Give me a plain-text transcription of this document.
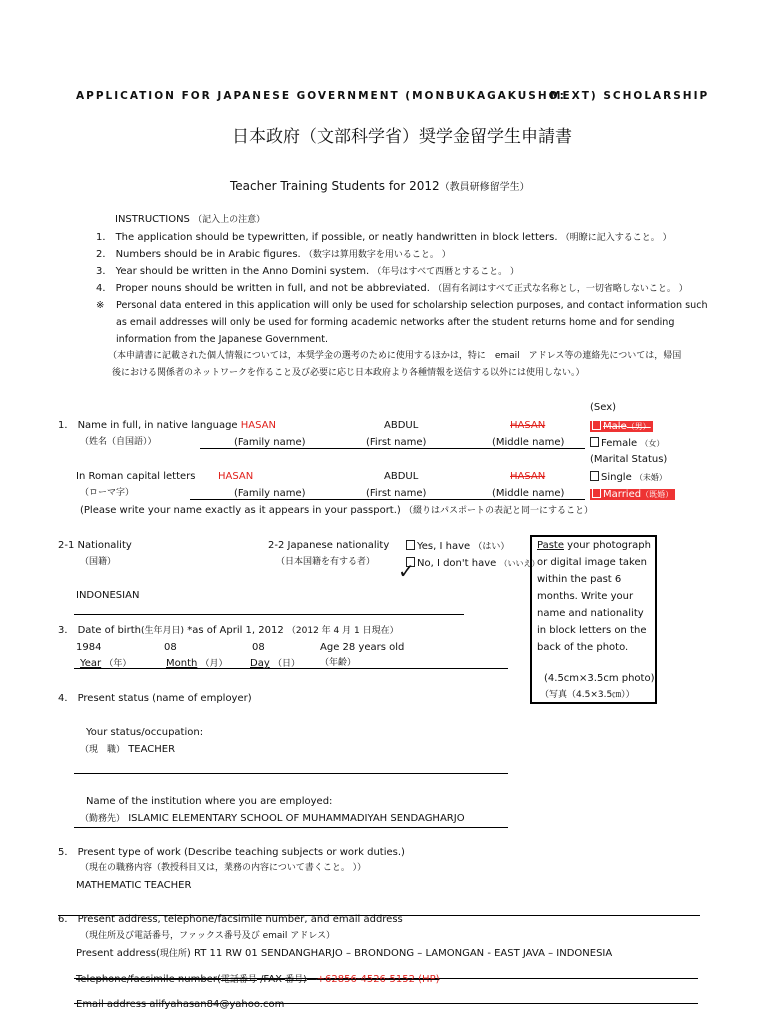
APPLICATION FOR JAPANESE GOVERNMENT (MONBUKAGAKUSHO:
MEXT) SCHOLARSHIP
日本政府（文部科学省）奨学金留学生申請書
Teacher Training Students for 2012（教員研修留学生）
INSTRUCTIONS （記入上の注意）
1． The application should be typewritten, if possible, or neatly handwritten in block letters. （明瞭に記入すること。 ）
2． Numbers should be in Arabic figures. （数字は算用数字を用いること。 ）
3． Year should be written in the Anno Domini system. （年号はすべて西暦とすること。 ）
4． Proper nouns should be written in full, and not be abbreviated. （固有名詞はすべて正式な名称とし，一切省略しないこと。 ）
※ Personal data entered in this application will only be used for scholarship selection purposes, and contact information such
as email addresses will only be used for forming academic networks after the student returns home and for sending
information from the Japanese Government.
（本申請書に記載された個人情報については，本奨学金の選考のために使用するほかは，特に　email　アドレス等の連絡先については，帰国
後における関係者のネットワークを作ること及び必要に応じ日本政府より各種情報を送信する以外には使用しない。）
(Sex)
1． Name in full, in native language HASAN	ABDUL	HASAN	Male（男）
（姓名（自国語））	(Family name)	(First name)	(Middle name)	Female （女）
(Marital Status)
In Roman capital letters HASAN	ABDUL	HASAN	Single （未婚）
（ローマ字）	(Family name)	(First name)	(Middle name)	Married（既婚）
(Please write your name exactly as it appears in your passport.) （綴りはパスポートの表記と同一にすること）
Paste your photograph
or digital image taken
within the past 6
months. Write your
name and nationality
in block letters on the
back of the photo.
(4.5cm×3.5cm photo)
（写真（4.5×3.5㎝））
2-1 Nationality
（国籍）
INDONESIAN
2-2 Japanese nationality
（日本国籍を有する者）
Yes, I have （はい）
No, I don't have （いいえ）
✓
3． Date of birth(生年月日) *as of April 1, 2012 （2012 年 4 月 1 日現在）
1984	08	08	Age 28 years old
Year （年）	Month （月） Day （日） （年齢）
4． Present status (name of employer)
Your status/occupation:
（現　職） TEACHER
Name of the institution where you are employed:
（勤務先） ISLAMIC ELEMENTARY SCHOOL OF MUHAMMADIYAH SENDAGHARJO
5． Present type of work (Describe teaching subjects or work duties.)
（現在の職務内容（教授科目又は，業務の内容について書くこと。 ））
MATHEMATIC TEACHER
6． Present address, telephone/facsimile number, and email address
（現住所及び電話番号，ファックス番号及び email アドレス）
Present address(現住所) RT 11 RW 01 SENDANGHARJO – BRONDONG – LAMONGAN - EAST JAVA – INDONESIA
Telephone/facsimile number(電話番号 /FAX 番号)　 +62856-4526-5152 (HP)
Email address alifyahasan84@yahoo.com
